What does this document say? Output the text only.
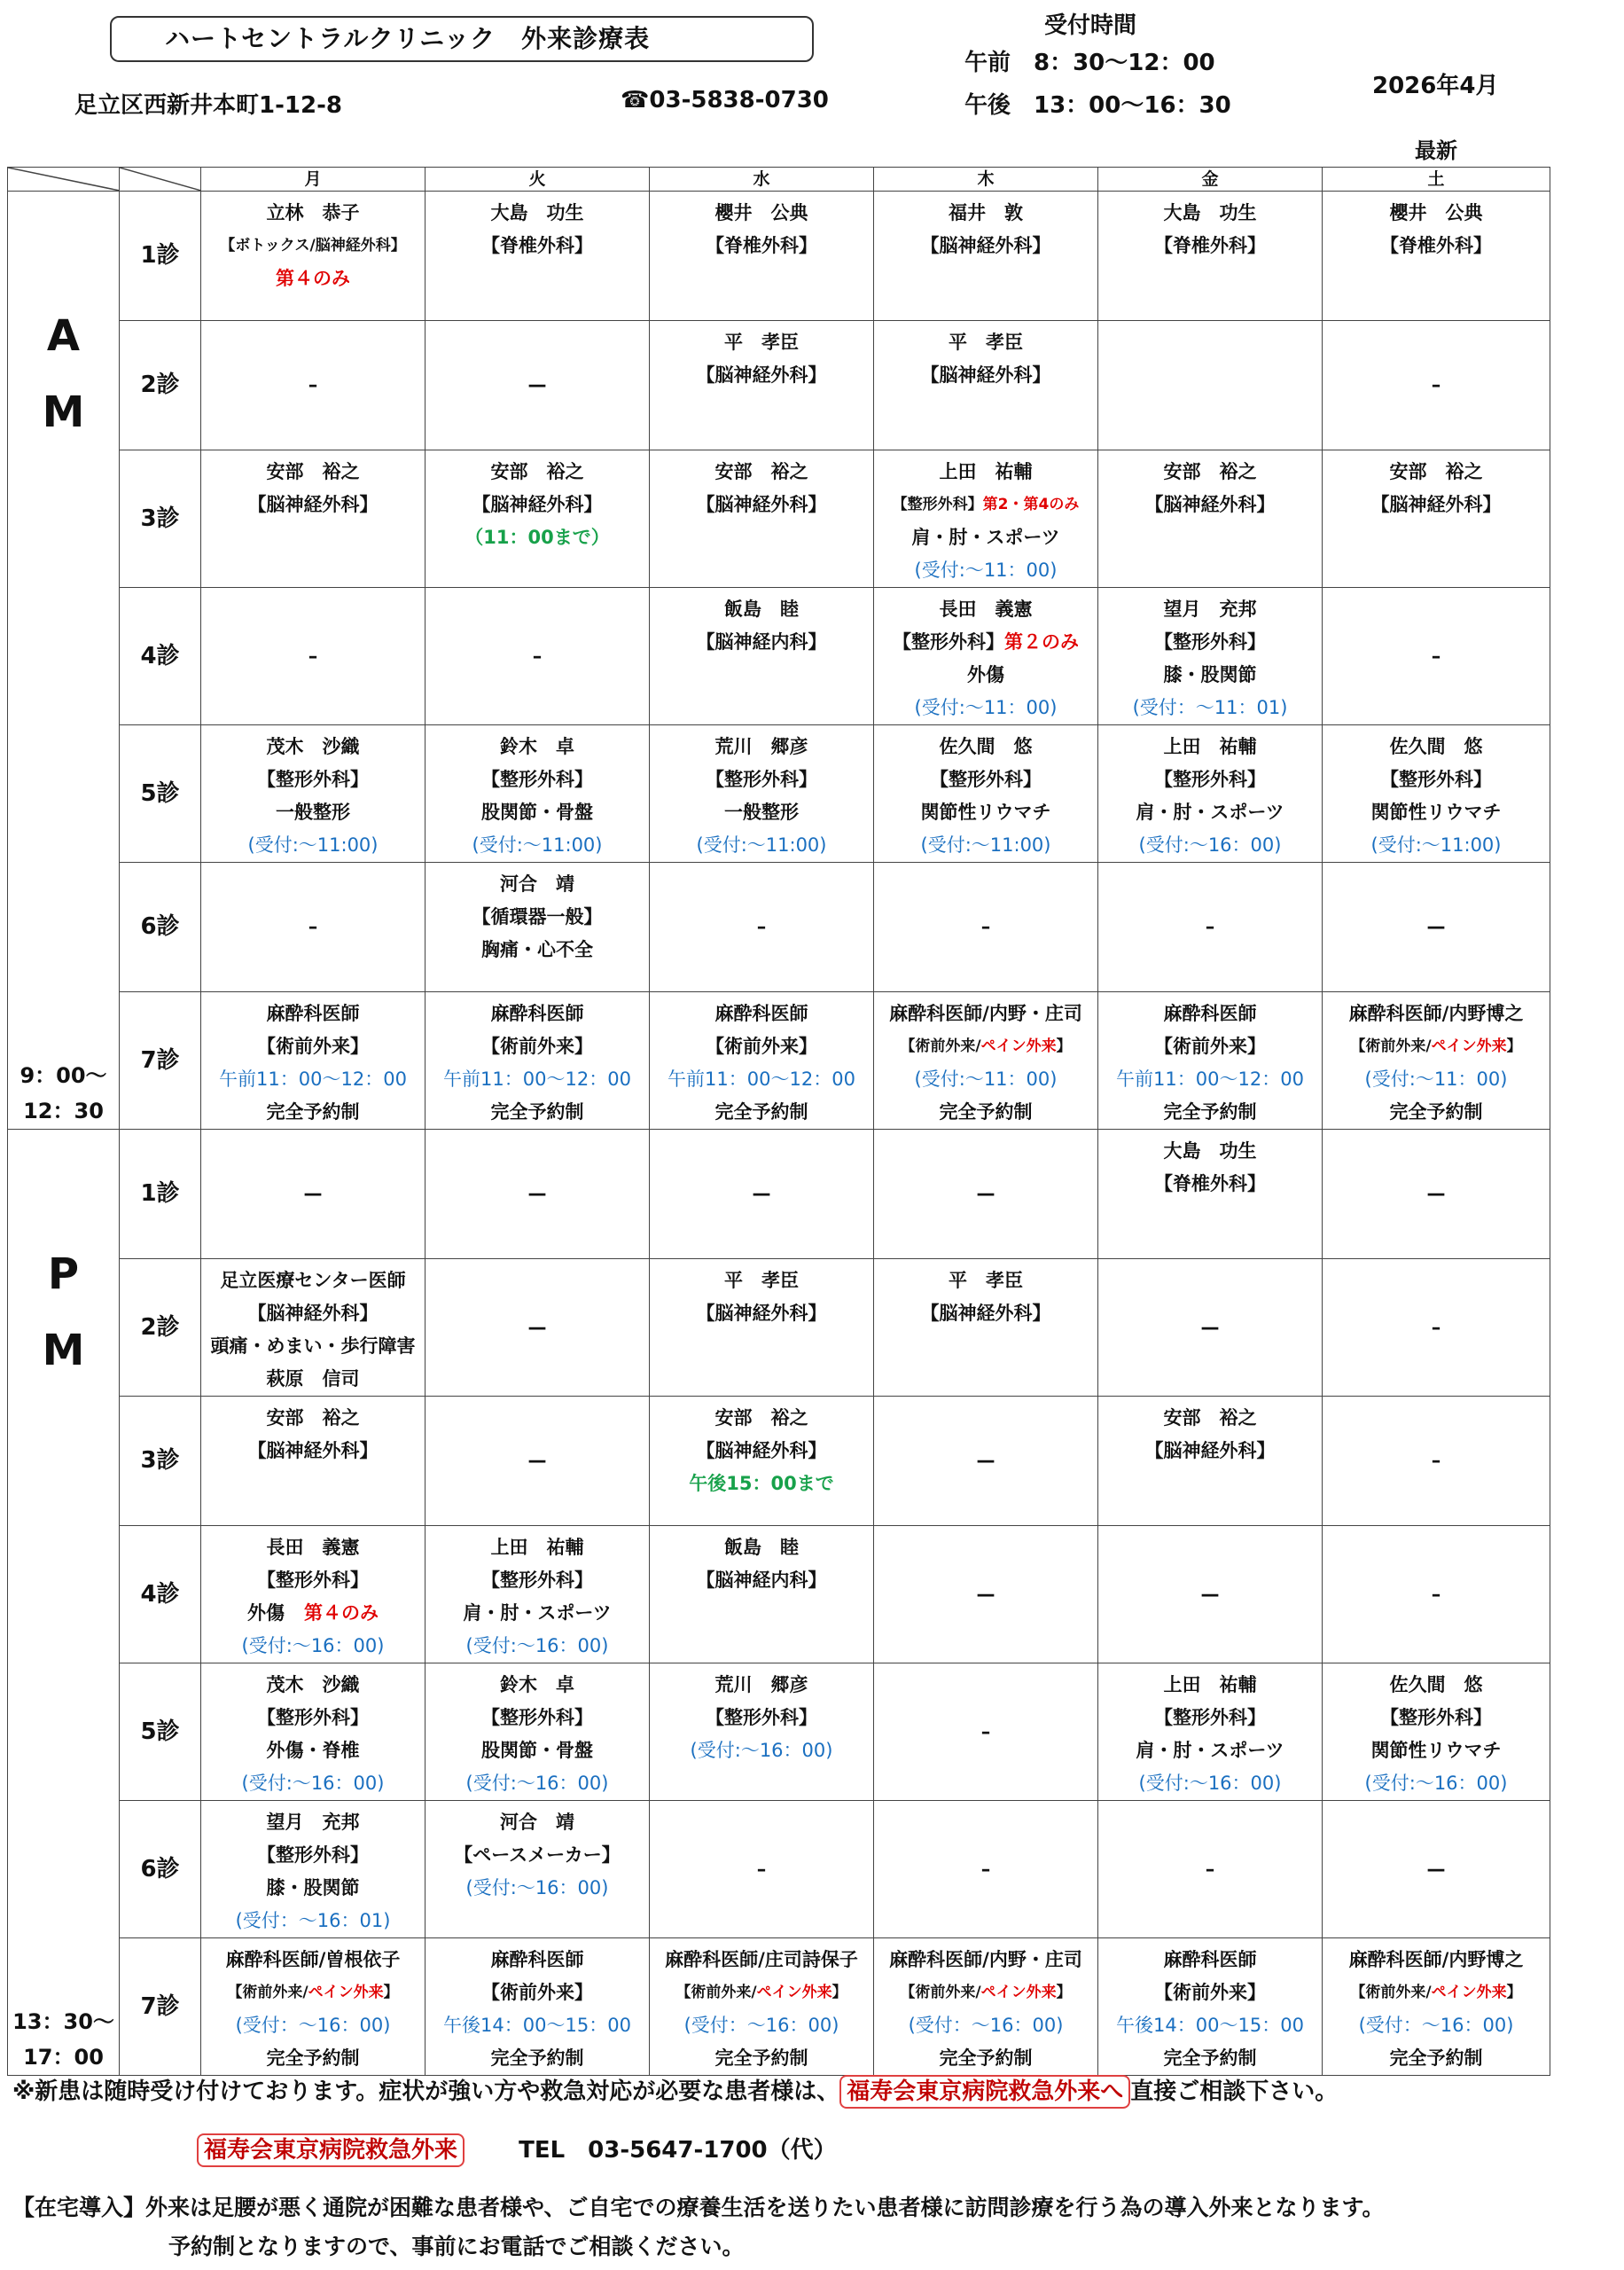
ハートセントラルクリニック　外来診療表
足立区西新井本町1-12-8	☎03-5838-0730
受付時間
午前　8：30～12：00
午後　13：00～16：30
2026年4月
最新

	月	火	水	木	金	土

A
M
9：00～
12：30	1診	立林　恭子
【ボトックス/脳神経外科】
第４のみ	大島　功生
【脊椎外科】	櫻井　公典
【脊椎外科】	福井　敦
【脳神経外科】	大島　功生
【脊椎外科】	櫻井　公典
【脊椎外科】

	2診	–	—	平　孝臣
【脳神経外科】	平　孝臣
【脳神経外科】		–
	3診	安部　裕之
【脳神経外科】	安部　裕之
【脳神経外科】
（11：00まで）	安部　裕之
【脳神経外科】	上田　祐輔
【整形外科】第2・第4のみ
肩・肘・スポーツ
(受付:～11：00)	安部　裕之
【脳神経外科】	安部　裕之
【脳神経外科】

	4診	–	–	飯島　睦
【脳神経内科】	長田　義憲
【整形外科】第２のみ
外傷
(受付:～11：00)	望月　充邦
【整形外科】
膝・股関節
(受付：～11：01)	–
	5診	茂木　沙織
【整形外科】
一般整形
(受付:～11:00)	鈴木　卓
【整形外科】
股関節・骨盤
(受付:～11:00)	荒川　郷彦
【整形外科】
一般整形
(受付:～11:00)	佐久間　悠
【整形外科】
関節性リウマチ
(受付:～11:00)	上田　祐輔
【整形外科】
肩・肘・スポーツ
(受付:～16：00)	佐久間　悠
【整形外科】
関節性リウマチ
(受付:～11:00)

	6診	–	河合　靖
【循環器一般】
胸痛・心不全	–	–	–	—
	7診	麻酔科医師
【術前外来】
午前11：00～12：00
完全予約制	麻酔科医師
【術前外来】
午前11：00～12：00
完全予約制	麻酔科医師
【術前外来】
午前11：00～12：00
完全予約制	麻酔科医師/内野・庄司
【術前外来/ペイン外来】
(受付:～11：00)
完全予約制	麻酔科医師
【術前外来】
午前11：00～12：00
完全予約制	麻酔科医師/内野博之
【術前外来/ペイン外来】
(受付:～11：00)
完全予約制

P
M
13：30～
17：00	1診	—	—	—	—	大島　功生
【脊椎外科】	—
	2診	足立医療センター医師
【脳神経外科】
頭痛・めまい・歩行障害
萩原　信司	—	平　孝臣
【脳神経外科】	平　孝臣
【脳神経外科】	—	–
	3診	安部　裕之
【脳神経外科】	—	安部　裕之
【脳神経外科】
午後15：00まで	—	安部　裕之
【脳神経外科】	–
	4診	長田　義憲
【整形外科】
外傷 第４のみ
(受付:～16：00)	上田　祐輔
【整形外科】
肩・肘・スポーツ
(受付:～16：00)	飯島　睦
【脳神経内科】	—	—	–
	5診	茂木　沙織
【整形外科】
外傷・脊椎
(受付:～16：00)	鈴木　卓
【整形外科】
股関節・骨盤
(受付:～16：00)	荒川　郷彦
【整形外科】
(受付:～16：00)	–	上田　祐輔
【整形外科】
肩・肘・スポーツ
(受付:～16：00)	佐久間　悠
【整形外科】
関節性リウマチ
(受付:～16：00)

	6診	望月　充邦
【整形外科】
膝・股関節
(受付：～16：01)	河合　靖
【ペースメーカー】
(受付:～16：00)	–	–	–	—
	7診	麻酔科医師/曽根依子
【術前外来/ペイン外来】
(受付：～16：00)
完全予約制	麻酔科医師
【術前外来】
午後14：00～15：00
完全予約制	麻酔科医師/庄司詩保子
【術前外来/ペイン外来】
(受付：～16：00)
完全予約制	麻酔科医師/内野・庄司
【術前外来/ペイン外来】
(受付：～16：00)
完全予約制	麻酔科医師
【術前外来】
午後14：00～15：00
完全予約制	麻酔科医師/内野博之
【術前外来/ペイン外来】
(受付：～16：00)
完全予約制
※新患は随時受け付けております。症状が強い方や救急対応が必要な患者様は、 福寿会東京病院救急外来へ 直接ご相談下さい。
福寿会東京病院救急外来	TEL　03-5647-1700（代）
【在宅導入】外来は足腰が悪く通院が困難な患者様や、ご自宅での療養生活を送りたい患者様に訪問診療を行う為の導入外来となります。
予約制となりますので、事前にお電話でご相談ください。
